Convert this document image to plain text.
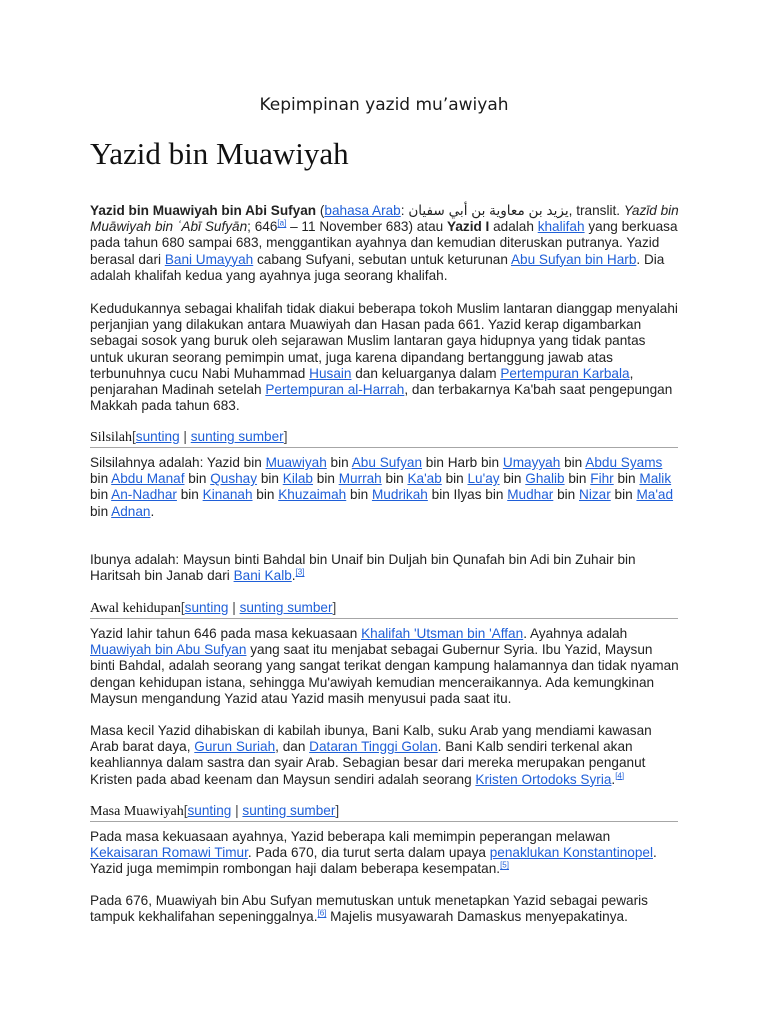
Kepimpinan yazid mu’awiyah
Yazid bin Muawiyah

Yazid bin Muawiyah bin Abi Sufyan (bahasa Arab: يزيد بن معاوية بن أبي سفيان, translit. Yazīd bin Muāwiyah bin ʿAbī Sufyān; 646[a] – 11 November 683) atau Yazid I adalah khalifah yang berkuasa pada tahun 680 sampai 683, menggantikan ayahnya dan kemudian diteruskan putranya. Yazid berasal dari Bani Umayyah cabang Sufyani, sebutan untuk keturunan Abu Sufyan bin Harb. Dia adalah khalifah kedua yang ayahnya juga seorang khalifah.

Kedudukannya sebagai khalifah tidak diakui beberapa tokoh Muslim lantaran dianggap menyalahi perjanjian yang dilakukan antara Muawiyah dan Hasan pada 661. Yazid kerap digambarkan sebagai sosok yang buruk oleh sejarawan Muslim lantaran gaya hidupnya yang tidak pantas untuk ukuran seorang pemimpin umat, juga karena dipandang bertanggung jawab atas terbunuhnya cucu Nabi Muhammad Husain dan keluarganya dalam Pertempuran Karbala, penjarahan Madinah setelah Pertempuran al-Harrah, dan terbakarnya Ka'bah saat pengepungan Makkah pada tahun 683.

Silsilah[sunting | sunting sumber]

Silsilahnya adalah: Yazid bin Muawiyah bin Abu Sufyan bin Harb bin Umayyah bin Abdu Syams bin Abdu Manaf bin Qushay bin Kilab bin Murrah bin Ka'ab bin Lu'ay bin Ghalib bin Fihr bin Malik bin An-Nadhar bin Kinanah bin Khuzaimah bin Mudrikah bin Ilyas bin Mudhar bin Nizar bin Ma'ad bin Adnan.

Ibunya adalah: Maysun binti Bahdal bin Unaif bin Duljah bin Qunafah bin Adi bin Zuhair bin Haritsah bin Janab dari Bani Kalb.[3]

Awal kehidupan[sunting | sunting sumber]

Yazid lahir tahun 646 pada masa kekuasaan Khalifah 'Utsman bin 'Affan. Ayahnya adalah Muawiyah bin Abu Sufyan yang saat itu menjabat sebagai Gubernur Syria. Ibu Yazid, Maysun binti Bahdal, adalah seorang yang sangat terikat dengan kampung halamannya dan tidak nyaman dengan kehidupan istana, sehingga Mu'awiyah kemudian menceraikannya. Ada kemungkinan Maysun mengandung Yazid atau Yazid masih menyusui pada saat itu.

Masa kecil Yazid dihabiskan di kabilah ibunya, Bani Kalb, suku Arab yang mendiami kawasan Arab barat daya, Gurun Suriah, dan Dataran Tinggi Golan. Bani Kalb sendiri terkenal akan keahliannya dalam sastra dan syair Arab. Sebagian besar dari mereka merupakan penganut Kristen pada abad keenam dan Maysun sendiri adalah seorang Kristen Ortodoks Syria.[4]

Masa Muawiyah[sunting | sunting sumber]

Pada masa kekuasaan ayahnya, Yazid beberapa kali memimpin peperangan melawan Kekaisaran Romawi Timur. Pada 670, dia turut serta dalam upaya penaklukan Konstantinopel. Yazid juga memimpin rombongan haji dalam beberapa kesempatan.[5]

Pada 676, Muawiyah bin Abu Sufyan memutuskan untuk menetapkan Yazid sebagai pewaris tampuk kekhalifahan sepeninggalnya.[6] Majelis musyawarah Damaskus menyepakatinya.
